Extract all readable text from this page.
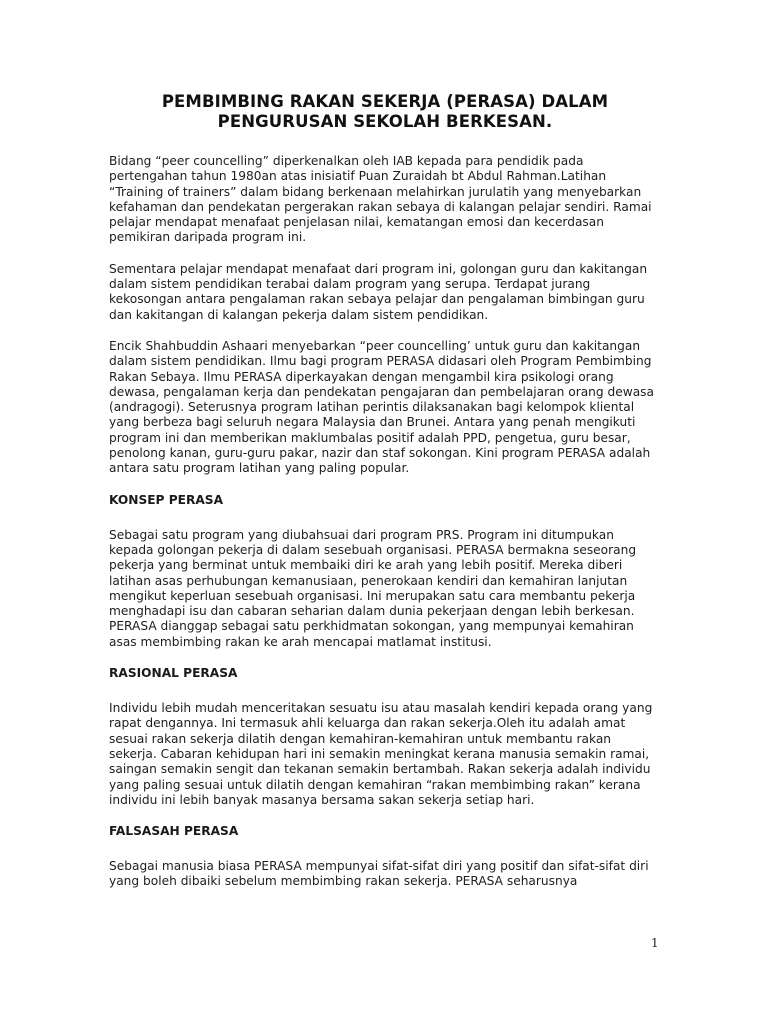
PEMBIMBING RAKAN SEKERJA (PERASA) DALAM
PENGURUSAN SEKOLAH BERKESAN.

Bidang “peer councelling” diperkenalkan oleh IAB kepada para pendidik pada pertengahan tahun 1980an atas inisiatif Puan Zuraidah bt Abdul Rahman.Latihan “Training of trainers” dalam bidang berkenaan melahirkan jurulatih yang menyebarkan kefahaman dan pendekatan pergerakan rakan sebaya di kalangan pelajar sendiri. Ramai pelajar mendapat menafaat penjelasan nilai, kematangan emosi dan kecerdasan pemikiran daripada program ini.

Sementara pelajar mendapat menafaat dari program ini, golongan guru dan kakitangan dalam sistem pendidikan terabai dalam program yang serupa. Terdapat jurang kekosongan antara pengalaman rakan sebaya pelajar dan pengalaman bimbingan guru dan kakitangan di kalangan pekerja dalam sistem pendidikan.

Encik Shahbuddin Ashaari menyebarkan “peer councelling’ untuk guru dan kakitangan dalam sistem pendidikan. Ilmu bagi program PERASA didasari oleh Program Pembimbing Rakan Sebaya. Ilmu PERASA diperkayakan dengan mengambil kira psikologi orang dewasa, pengalaman kerja dan pendekatan pengajaran dan pembelajaran orang dewasa (andragogi). Seterusnya program latihan perintis dilaksanakan bagi kelompok kliental yang berbeza bagi seluruh negara Malaysia dan Brunei. Antara yang penah mengikuti program ini dan memberikan maklumbalas positif adalah PPD, pengetua, guru besar, penolong kanan, guru-guru pakar, nazir dan staf sokongan. Kini program PERASA adalah antara satu program latihan yang paling popular.

KONSEP PERASA

Sebagai satu program yang diubahsuai dari program PRS. Program ini ditumpukan kepada golongan pekerja di dalam sesebuah organisasi. PERASA bermakna seseorang pekerja yang berminat untuk membaiki diri ke arah yang lebih positif. Mereka diberi latihan asas perhubungan kemanusiaan, penerokaan kendiri dan kemahiran lanjutan mengikut keperluan sesebuah organisasi. Ini merupakan satu cara membantu pekerja menghadapi isu dan cabaran seharian dalam dunia pekerjaan dengan lebih berkesan. PERASA dianggap sebagai satu perkhidmatan sokongan, yang mempunyai kemahiran asas membimbing rakan ke arah mencapai matlamat institusi.

RASIONAL PERASA

Individu lebih mudah menceritakan sesuatu isu atau masalah kendiri kepada orang yang rapat dengannya. Ini termasuk ahli keluarga dan rakan sekerja.Oleh itu adalah amat sesuai rakan sekerja dilatih dengan kemahiran-kemahiran untuk membantu rakan sekerja. Cabaran kehidupan hari ini semakin meningkat kerana manusia semakin ramai, saingan semakin sengit dan tekanan semakin bertambah. Rakan sekerja adalah individu yang paling sesuai untuk dilatih dengan kemahiran “rakan membimbing rakan” kerana individu ini lebih banyak masanya bersama sakan sekerja setiap hari.

FALSASAH PERASA

Sebagai manusia biasa PERASA mempunyai sifat-sifat diri yang positif dan sifat-sifat diri yang boleh dibaiki sebelum membimbing rakan sekerja. PERASA seharusnya

1
